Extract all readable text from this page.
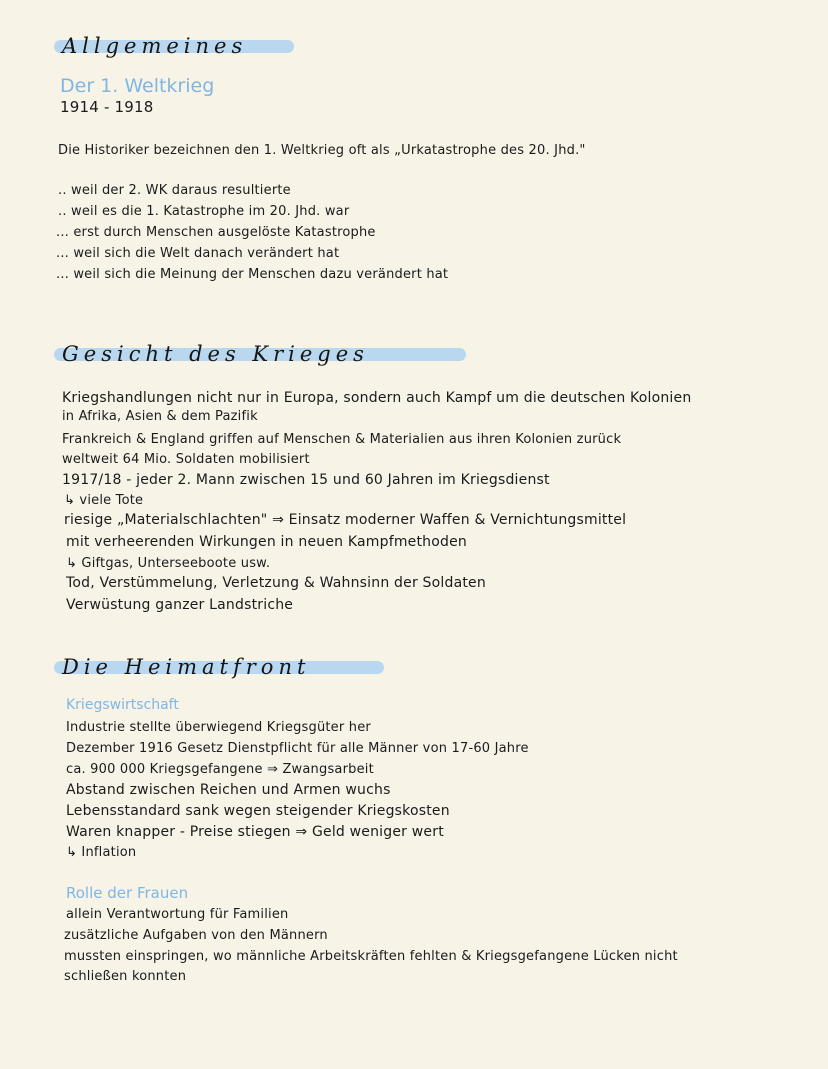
Allgemeines
Der 1. Weltkrieg
1914 - 1918
Die Historiker bezeichnen den 1. Weltkrieg oft als „Urkatastrophe des 20. Jhd."
.. weil der 2. WK daraus resultierte
.. weil es die 1. Katastrophe im 20. Jhd. war
... erst durch Menschen ausgelöste Katastrophe
... weil sich die Welt danach verändert hat
... weil sich die Meinung der Menschen dazu verändert hat
Gesicht des Krieges
Kriegshandlungen nicht nur in Europa, sondern auch Kampf um die deutschen Kolonien
in Afrika, Asien & dem Pazifik
Frankreich & England griffen auf Menschen & Materialien aus ihren Kolonien zurück
weltweit 64 Mio. Soldaten mobilisiert
1917/18 - jeder 2. Mann zwischen 15 und 60 Jahren im Kriegsdienst
↳ viele Tote
riesige „Materialschlachten" ⇒ Einsatz moderner Waffen & Vernichtungsmittel
mit verheerenden Wirkungen in neuen Kampfmethoden
↳ Giftgas, Unterseeboote usw.
Tod, Verstümmelung, Verletzung & Wahnsinn der Soldaten
Verwüstung ganzer Landstriche
Die Heimatfront
Kriegswirtschaft
Industrie stellte überwiegend Kriegsgüter her
Dezember 1916 Gesetz Dienstpflicht für alle Männer von 17-60 Jahre
ca. 900 000 Kriegsgefangene ⇒ Zwangsarbeit
Abstand zwischen Reichen und Armen wuchs
Lebensstandard sank wegen steigender Kriegskosten
Waren knapper - Preise stiegen ⇒ Geld weniger wert
↳ Inflation
Rolle der Frauen
allein Verantwortung für Familien
zusätzliche Aufgaben von den Männern
mussten einspringen, wo männliche Arbeitskräften fehlten & Kriegsgefangene Lücken nicht
schließen konnten
